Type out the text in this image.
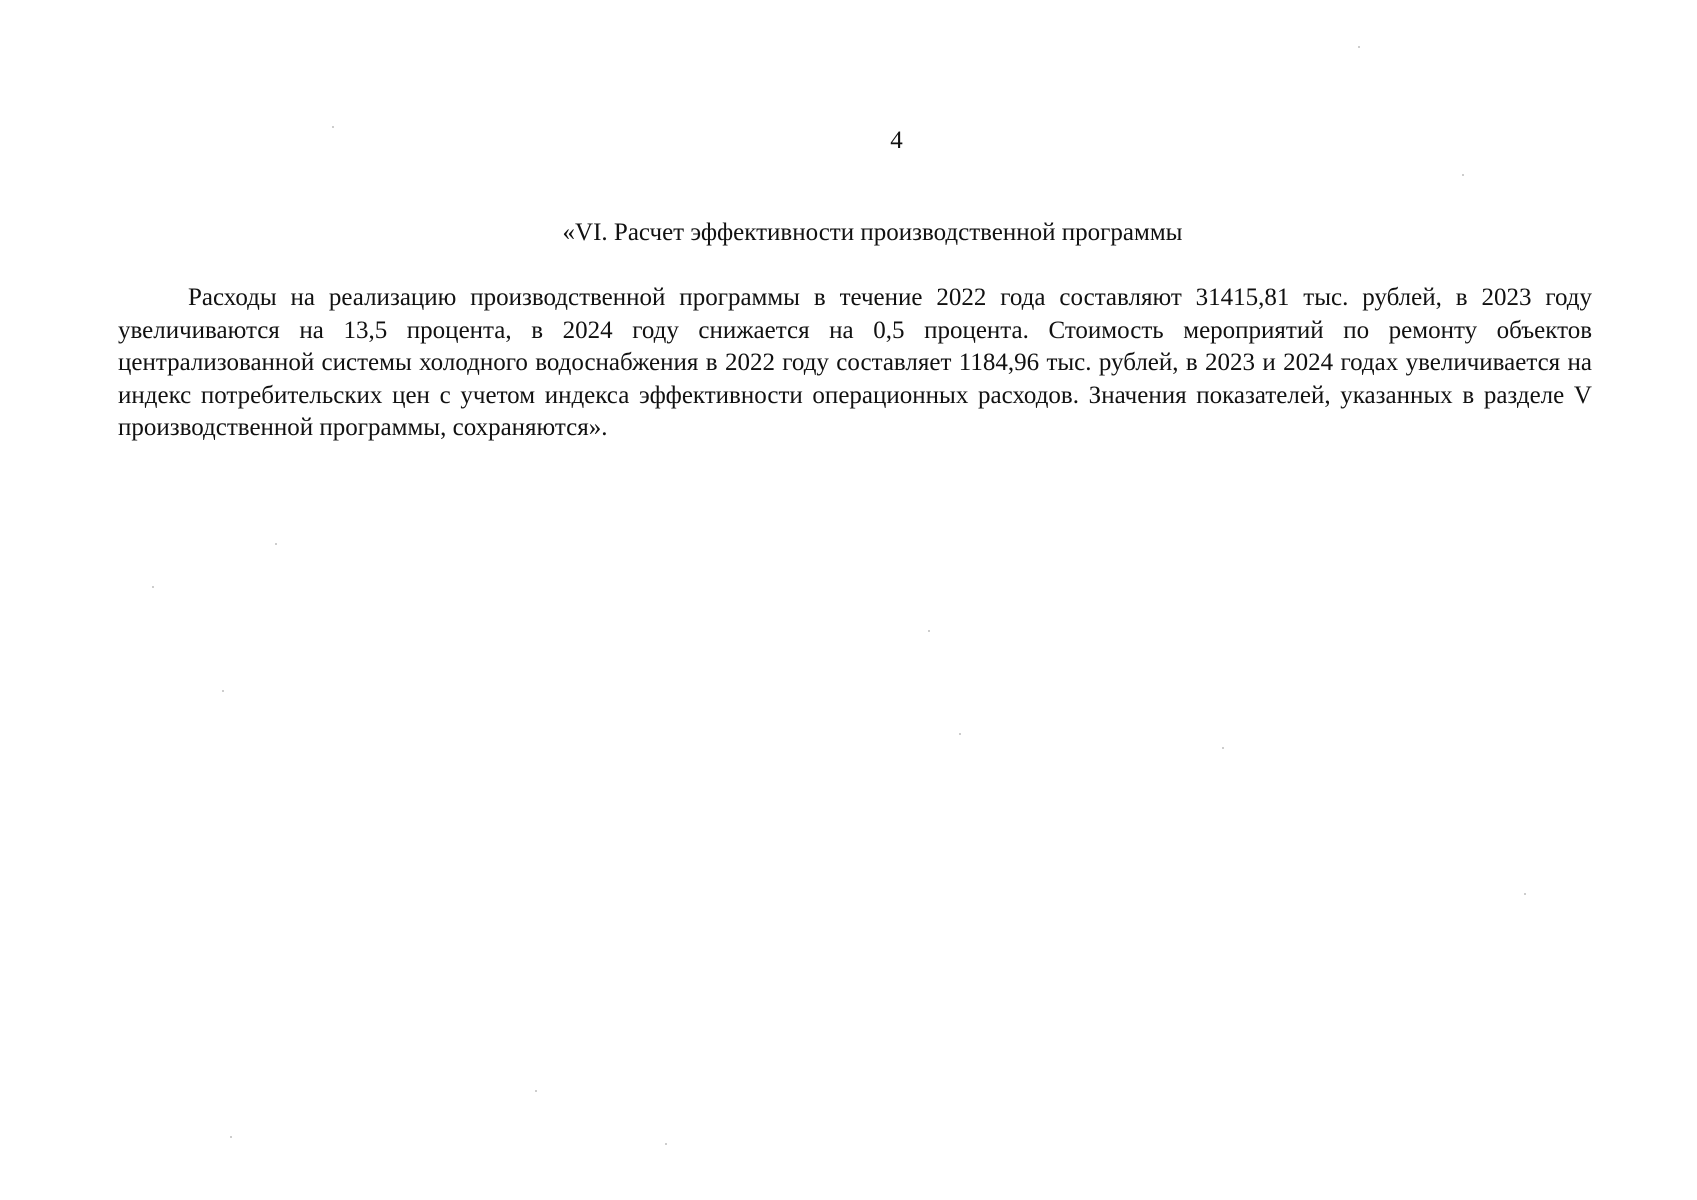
4
«VI. Расчет эффективности производственной программы

Расходы на реализацию производственной программы в течение 2022 года составляют 31415,81 тыс. рублей, в 2023 году увеличиваются на 13,5 процента, в 2024 году снижается на 0,5 процента. Стоимость мероприятий по ремонту объектов централизованной системы холодного водоснабжения в 2022 году составляет 1184,96 тыс. рублей, в 2023 и 2024 годах увеличивается на индекс потребительских цен с учетом индекса эффективности операционных расходов. Значения показателей, указанных в разделе V производственной программы, сохраняются».
